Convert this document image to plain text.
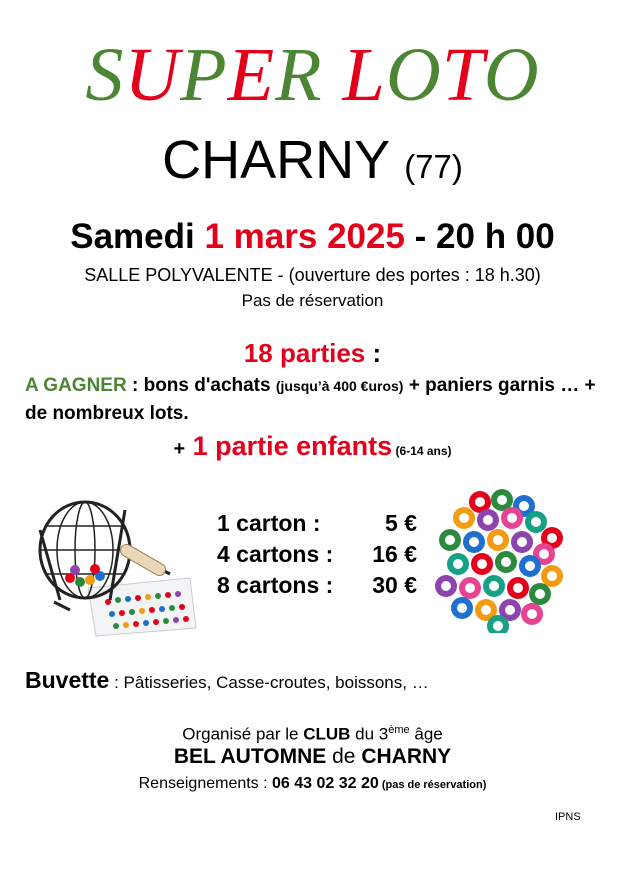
SUPER LOTO
CHARNY (77)
Samedi 1 mars 2025 - 20 h 00
SALLE POLYVALENTE - (ouverture des portes : 18 h.30)
Pas de réservation
18 parties :
A GAGNER : bons d'achats (jusqu’à 400 €uros) + paniers garnis … + de nombreux lots.
+ 1 partie enfants (6-14 ans)
1 carton :	5 €
4 cartons : 16 €
8 cartons : 30 €
Buvette : Pâtisseries, Casse-croutes, boissons, …
Organisé par le CLUB du 3ème âge
BEL AUTOMNE de CHARNY
Renseignements : 06 43 02 32 20 (pas de réservation)
IPNS
